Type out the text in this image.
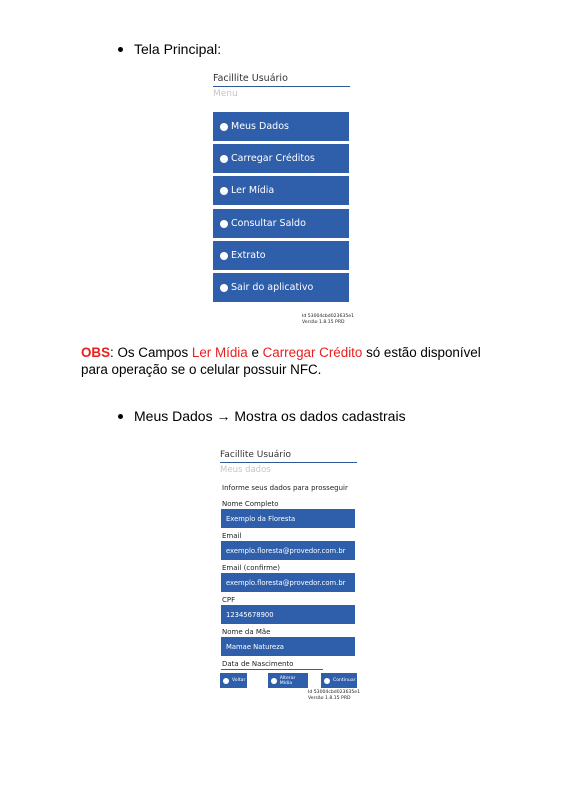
Tela Principal:
Facillite Usuário
Menu
Meus Dados
Carregar Créditos
Ler Mídia
Consultar Saldo
Extrato
Sair do aplicativo
Id 53004cbd023635e1
Versão 1.8.15 PRD
OBS: Os Campos Ler Mídia e Carregar Crédito só estão disponível para operação se o celular possuir NFC.
Meus Dados → Mostra os dados cadastrais
Facillite Usuário
Meus dados
Informe seus dados para prosseguir
Nome Completo
Exemplo da Floresta
Email
exemplo.floresta@provedor.com.br
Email (confirme)
exemplo.floresta@provedor.com.br
CPF
12345678900
Nome da Mãe
Mamae Natureza
Data de Nascimento
Voltar	Alterar Mídia	Continuar
Id 53004cbd023635e1
Versão 1.8.15 PRD
